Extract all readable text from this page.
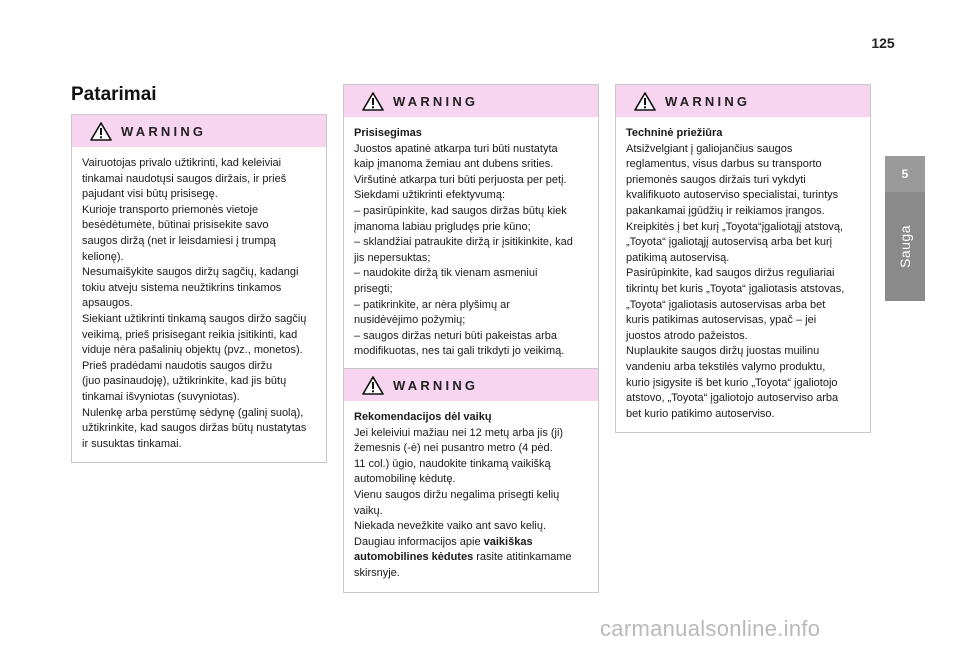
125
5
Sauga
Patarimai
WARNING
Vairuotojas privalo užtikrinti, kad keleiviai
tinkamai naudotųsi saugos diržais, ir prieš
pajudant visi būtų prisisegę.
Kurioje transporto priemonės vietoje
besėdėtumėte, būtinai prisisekite savo
saugos diržą (net ir leisdamiesi į trumpą
kelionę).
Nesumaišykite saugos diržų sagčių, kadangi
tokiu atveju sistema neužtikrins tinkamos
apsaugos.
Siekiant užtikrinti tinkamą saugos diržo sagčių
veikimą, prieš prisisegant reikia įsitikinti, kad
viduje nėra pašalinių objektų (pvz., monetos).
Prieš pradėdami naudotis saugos diržu
(juo pasinaudoję), užtikrinkite, kad jis būtų
tinkamai išvyniotas (suvyniotas).
Nulenkę arba perstūmę sėdynę (galinį suolą),
užtikrinkite, kad saugos diržas būtų nustatytas
ir susuktas tinkamai.
WARNING
Prisisegimas
Juostos apatinė atkarpa turi būti nustatyta
kaip įmanoma žemiau ant dubens srities.
Viršutinė atkarpa turi būti perjuosta per petį.
Siekdami užtikrinti efektyvumą:
– pasirūpinkite, kad saugos diržas būtų kiek
įmanoma labiau prigludęs prie kūno;
– sklandžiai patraukite diržą ir įsitikinkite, kad
jis nepersuktas;
– naudokite diržą tik vienam asmeniui
prisegti;
– patikrinkite, ar nėra plyšimų ar
nusidėvėjimo požymių;
– saugos diržas neturi būti pakeistas arba
modifikuotas, nes tai gali trikdyti jo veikimą.
WARNING
Rekomendacijos dėl vaikų
Jei keleiviui mažiau nei 12 metų arba jis (ji)
žemesnis (-ė) nei pusantro metro (4 pėd.
11 col.) ūgio, naudokite tinkamą vaikišką
automobilinę kėdutę.
Vienu saugos diržu negalima prisegti kelių
vaikų.
Niekada nevežkite vaiko ant savo kelių.
Daugiau informacijos apie vaikiškas
automobilines kėdutes rasite atitinkamame
skirsnyje.
WARNING
Techninė priežiūra
Atsižvelgiant į galiojančius saugos
reglamentus, visus darbus su transporto
priemonės saugos diržais turi vykdyti
kvalifikuoto autoserviso specialistai, turintys
pakankamai įgūdžių ir reikiamos įrangos.
Kreipkitės į bet kurį „Toyota“įgaliotąjį atstovą,
„Toyota“ įgaliotąjį autoservisą arba bet kurį
patikimą autoservisą.
Pasirūpinkite, kad saugos diržus reguliariai
tikrintų bet kuris „Toyota“ įgaliotasis atstovas,
„Toyota“ įgaliotasis autoservisas arba bet
kuris patikimas autoservisas, ypač – jei
juostos atrodo pažeistos.
Nuplaukite saugos diržų juostas muilinu
vandeniu arba tekstilės valymo produktu,
kurio įsigysite iš bet kurio „Toyota“ įgaliotojo
atstovo, „Toyota“ įgaliotojo autoserviso arba
bet kurio patikimo autoserviso.
carmanualsonline.info
